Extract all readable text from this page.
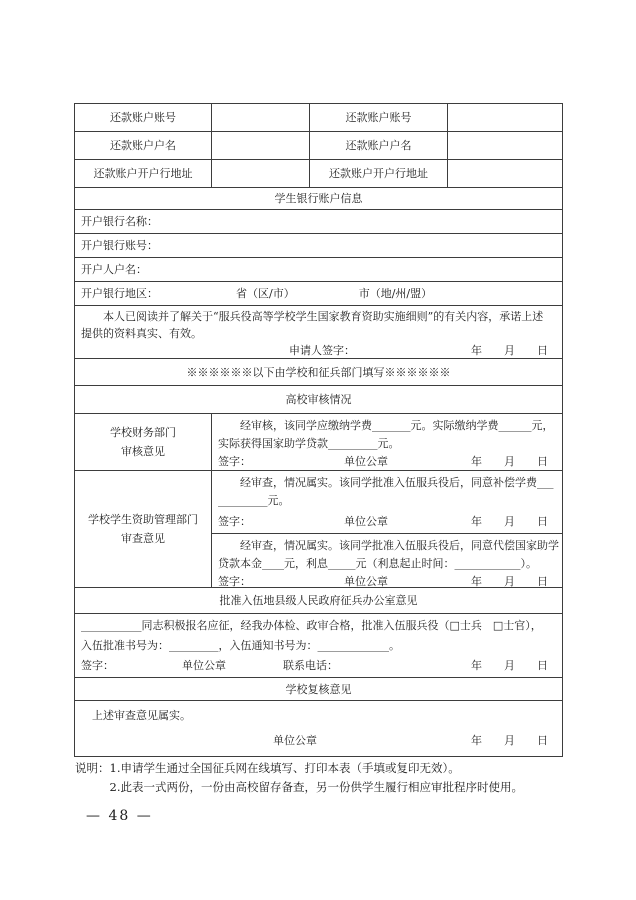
还款账户账号	还款账户账号
还款账户户名	还款账户户名
还款账户开户行地址	还款账户开户行地址
学生银行账户信息
开户银行名称：
开户银行账号：
开户人户名：
开户银行地区：	省（区/市）	市（地/州/盟）
本人已阅读并了解关于“服兵役高等学校学生国家教育资助实施细则”的有关内容，承诺上述
提供的资料真实、有效。
申请人签字：	年　　月　　日
※※※※※※以下由学校和征兵部门填写※※※※※※
高校审核情况
学校财务部门
审核意见
经审核，该同学应缴纳学费_______元。实际缴纳学费______元，
实际获得国家助学贷款_________元。
签字：	单位公章	年　　月　　日
学校学生资助管理部门
审查意见
经审查，情况属实。该同学批准入伍服兵役后，同意补偿学费___
_________元。
签字：	单位公章	年　　月　　日
经审查，情况属实。该同学批准入伍服兵役后，同意代偿国家助学
贷款本金____元，利息_____元（利息起止时间：____________）。
签字：	单位公章	年　　月　　日
批准入伍地县级人民政府征兵办公室意见
___________同志积极报名应征，经我办体检、政审合格，批准入伍服兵役（□士兵　□士官），
入伍批准书号为：_________，入伍通知书号为：_____________。
签字：	单位公章	联系电话：	年　　月　　日
学校复核意见
上述审查意见属实。
单位公章	年　　月　　日
说明： 1.申请学生通过全国征兵网在线填写、打印本表（手填或复印无效）。
2.此表一式两份，一份由高校留存备查，另一份供学生履行相应审批程序时使用。
— 48 —
